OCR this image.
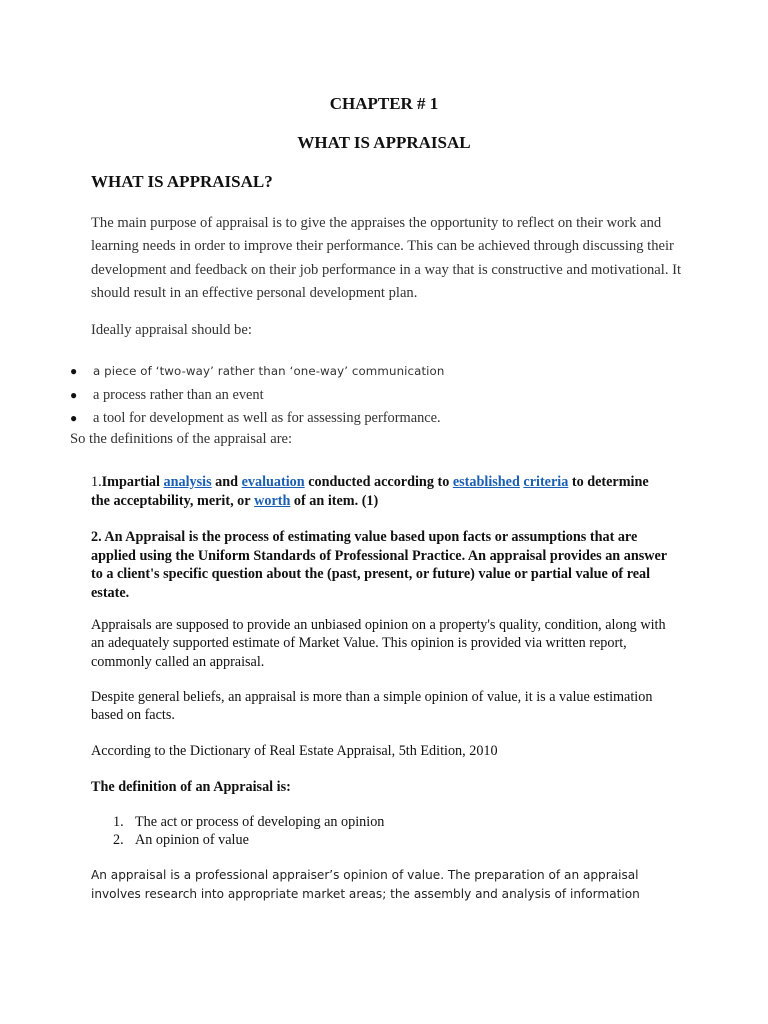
CHAPTER # 1
WHAT IS APPRAISAL
WHAT IS APPRAISAL?

The main purpose of appraisal is to give the appraises the opportunity to reflect on their work and learning needs in order to improve their performance. This can be achieved through discussing their development and feedback on their job performance in a way that is constructive and motivational. It should result in an effective personal development plan.

Ideally appraisal should be:

● a piece of ‘two-way’ rather than ‘one-way’ communication
● a process rather than an event
● a tool for development as well as for assessing performance.

So the definitions of the appraisal are:

1.Impartial analysis and evaluation conducted according to established criteria to determine the acceptability, merit, or worth of an item. (1)

2. An Appraisal is the process of estimating value based upon facts or assumptions that are applied using the Uniform Standards of Professional Practice. An appraisal provides an answer to a client's specific question about the (past, present, or future) value or partial value of real estate.

Appraisals are supposed to provide an unbiased opinion on a property's quality, condition, along with an adequately supported estimate of Market Value. This opinion is provided via written report, commonly called an appraisal.

Despite general beliefs, an appraisal is more than a simple opinion of value, it is a value estimation based on facts.

According to the Dictionary of Real Estate Appraisal, 5th Edition, 2010

The definition of an Appraisal is:

1. The act or process of developing an opinion
2. An opinion of value

An appraisal is a professional appraiser’s opinion of value. The preparation of an appraisal
involves research into appropriate market areas; the assembly and analysis of information
